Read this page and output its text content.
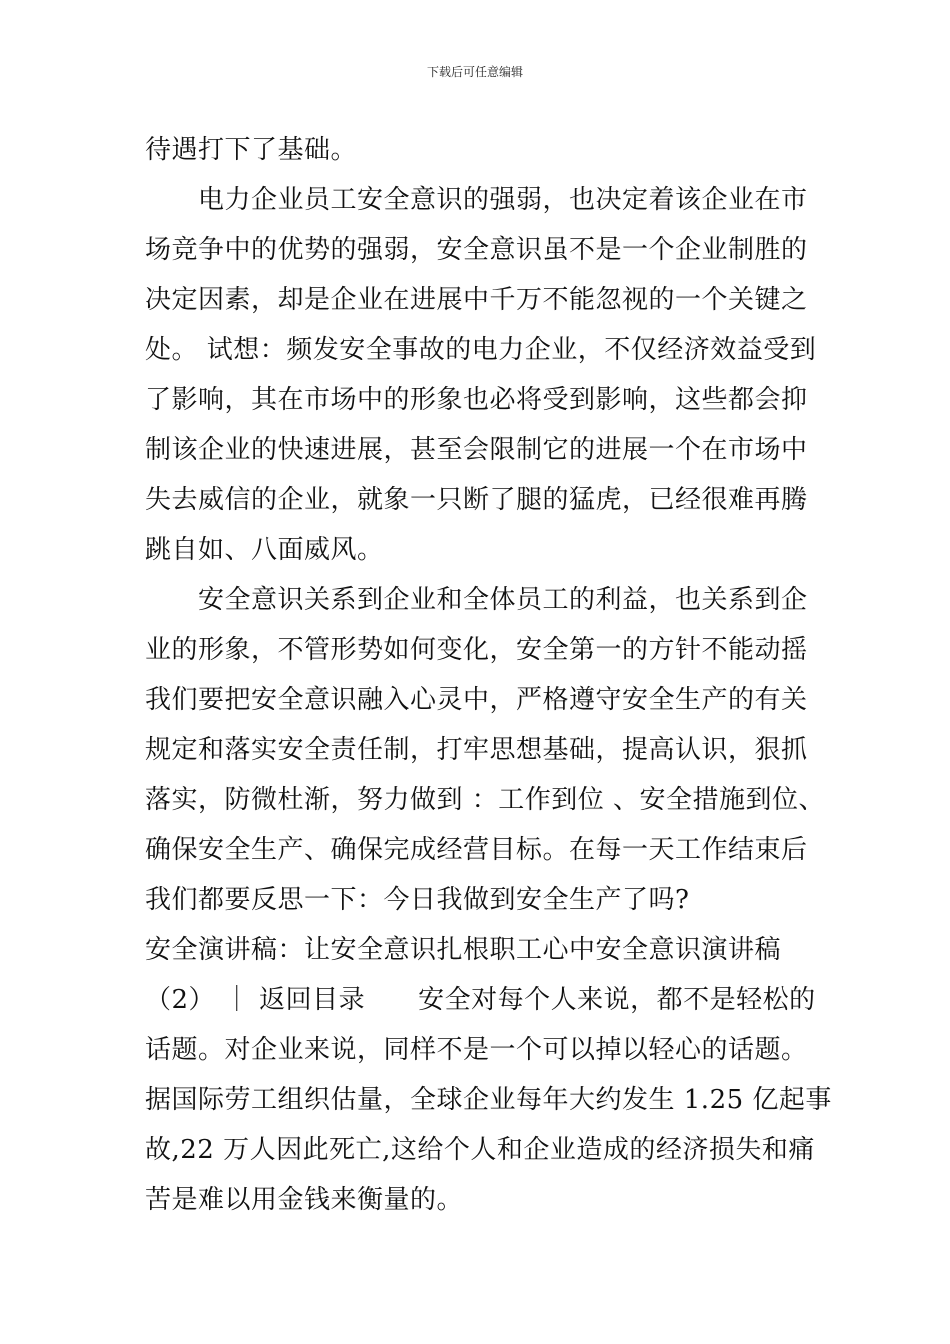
下载后可任意编辑
待遇打下了基础。
电力企业员工安全意识的强弱，也决定着该企业在市
场竞争中的优势的强弱，安全意识虽不是一个企业制胜的
决定因素，却是企业在进展中千万不能忽视的一个关键之
处。 试想：频发安全事故的电力企业，不仅经济效益受到
了影响，其在市场中的形象也必将受到影响，这些都会抑
制该企业的快速进展，甚至会限制它的进展一个在市场中
失去威信的企业，就象一只断了腿的猛虎，已经很难再腾
跳自如、八面威风。
安全意识关系到企业和全体员工的利益，也关系到企
业的形象，不管形势如何变化，安全第一的方针不能动摇
我们要把安全意识融入心灵中，严格遵守安全生产的有关
规定和落实安全责任制，打牢思想基础，提高认识，狠抓
落实，防微杜渐，努力做到 ：工作到位 、安全措施到位、
确保安全生产、确保完成经营目标。在每一天工作结束后
我们都要反思一下：今日我做到安全生产了吗?
安全演讲稿：让安全意识扎根职工心中安全意识演讲稿
（2） ｜ 返回目录　　安全对每个人来说，都不是轻松的
话题。对企业来说，同样不是一个可以掉以轻心的话题。
据国际劳工组织估量，全球企业每年大约发生 1.25 亿起事
故,22 万人因此死亡,这给个人和企业造成的经济损失和痛
苦是难以用金钱来衡量的。
